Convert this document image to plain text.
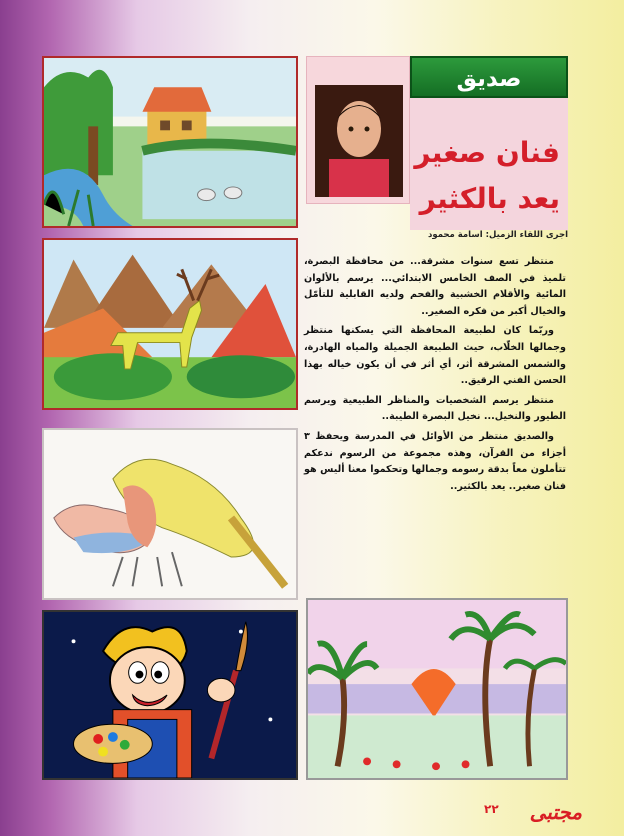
صديق
فنان صغير
يعد بالكثير
اجرى اللقاء الزميل: اسامة محمود

منتظر تسع سنوات مشرقة... من محافظة البصرة، تلميذ في الصف الخامس الابتدائي... يرسم بالألوان المائية والأقلام الخشبية والفحم ولديه القابلية للتأمّل والخيال أكبر من فكره الصغير..

وربّما كان لطبيعة المحافظة التي يسكنها منتظر وجمالها الخلّاب، حيث الطبيعة الجميلة والمياه الهادرة، والشمس المشرقة أثر، أي أثر في أن يكون خياله بهذا الحسن الفني الرقيق..

منتظر يرسم الشخصيات والمناظر الطبيعية ويرسم الطيور والنخيل... نخيل البصرة الطيبة..

والصديق منتظر من الأوائل في المدرسة ويحفظ ٣ أجزاء من القرآن، وهذه مجموعة من الرسوم ندعكم تتأملون معاً بدقة رسومه وجمالها وتحكموا معنا أليس هو فنان صغير.. يعد بالكثير..

مجتبى
٢٢
